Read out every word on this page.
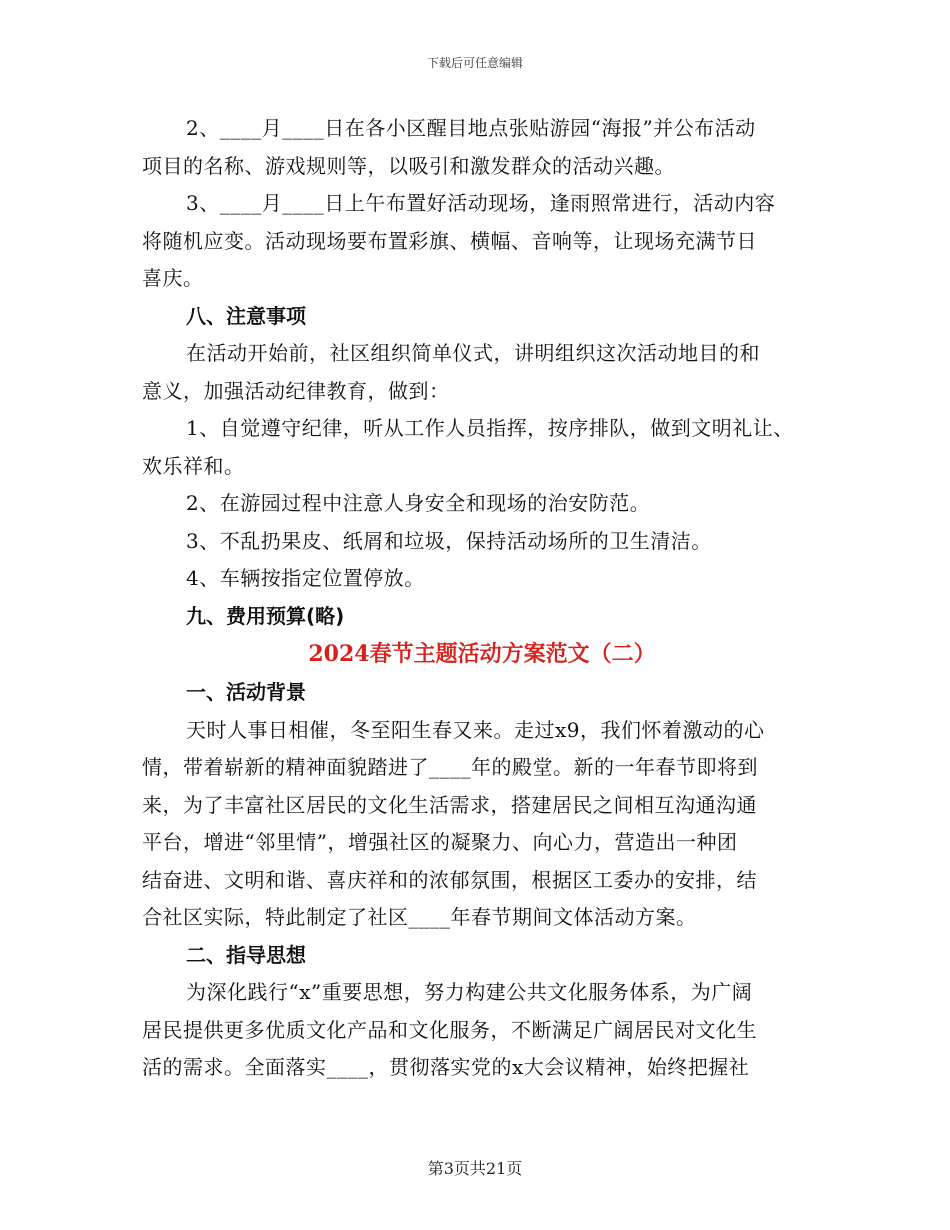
下载后可任意编辑
2、____月____日在各小区醒目地点张贴游园“海报”并公布活动
项目的名称、游戏规则等，以吸引和激发群众的活动兴趣。
3、____月____日上午布置好活动现场，逢雨照常进行，活动内容
将随机应变。活动现场要布置彩旗、横幅、音响等，让现场充满节日
喜庆。
八、注意事项
在活动开始前，社区组织简单仪式，讲明组织这次活动地目的和
意义，加强活动纪律教育，做到：
1、自觉遵守纪律，听从工作人员指挥，按序排队，做到文明礼让、
欢乐祥和。
2、在游园过程中注意人身安全和现场的治安防范。
3、不乱扔果皮、纸屑和垃圾，保持活动场所的卫生清洁。
4、车辆按指定位置停放。
九、费用预算(略)
2024春节主题活动方案范文（二）
一、活动背景
天时人事日相催，冬至阳生春又来。走过x9，我们怀着激动的心
情，带着崭新的精神面貌踏进了____年的殿堂。新的一年春节即将到
来，为了丰富社区居民的文化生活需求，搭建居民之间相互沟通沟通
平台，增进“邻里情”，增强社区的凝聚力、向心力，营造出一种团
结奋进、文明和谐、喜庆祥和的浓郁氛围，根据区工委办的安排，结
合社区实际，特此制定了社区____年春节期间文体活动方案。
二、指导思想
为深化践行“x”重要思想，努力构建公共文化服务体系，为广阔
居民提供更多优质文化产品和文化服务，不断满足广阔居民对文化生
活的需求。全面落实____，贯彻落实党的x大会议精神，始终把握社
第3页共21页
